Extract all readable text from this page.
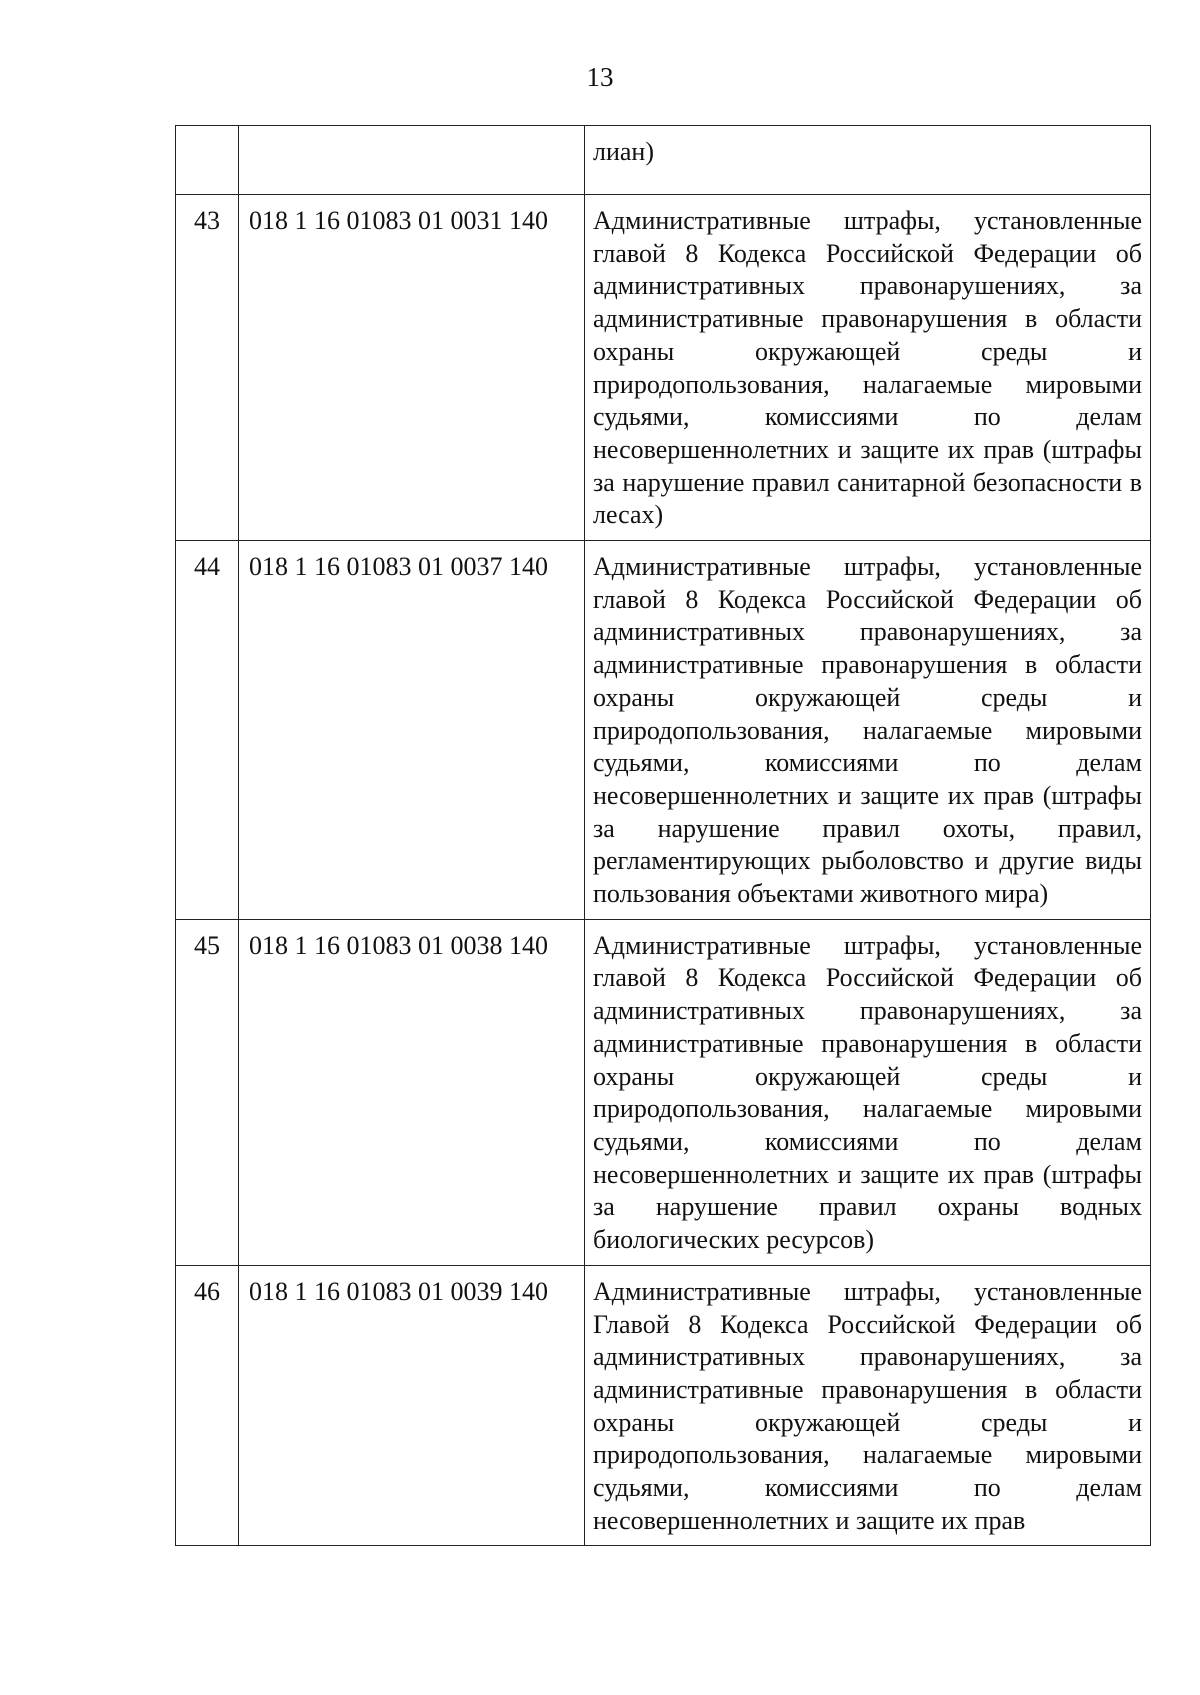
13
		лиан)
43	018 1 16 01083 01 0031 140	Административные штрафы, установленные главой 8 Кодекса Российской Федерации об административных правонарушениях, за административные правонарушения в области охраны окружающей среды и природопользования, налагаемые мировыми судьями, комиссиями по делам несовершеннолетних и защите их прав (штрафы за нарушение правил санитарной безопасности в лесах)
44	018 1 16 01083 01 0037 140	Административные штрафы, установленные главой 8 Кодекса Российской Федерации об административных правонарушениях, за административные правонарушения в области охраны окружающей среды и природопользования, налагаемые мировыми судьями, комиссиями по делам несовершеннолетних и защите их прав (штрафы за нарушение правил охоты, правил, регламентирующих рыболовство и другие виды пользования объектами животного мира)
45	018 1 16 01083 01 0038 140	Административные штрафы, установленные главой 8 Кодекса Российской Федерации об административных правонарушениях, за административные правонарушения в области охраны окружающей среды и природопользования, налагаемые мировыми судьями, комиссиями по делам несовершеннолетних и защите их прав (штрафы за нарушение правил охраны водных биологических ресурсов)
46	018 1 16 01083 01 0039 140	Административные штрафы, установленные Главой 8 Кодекса Российской Федерации об административных правонарушениях, за административные правонарушения в области охраны окружающей среды и природопользования, налагаемые мировыми судьями, комиссиями по делам несовершеннолетних и защите их прав
